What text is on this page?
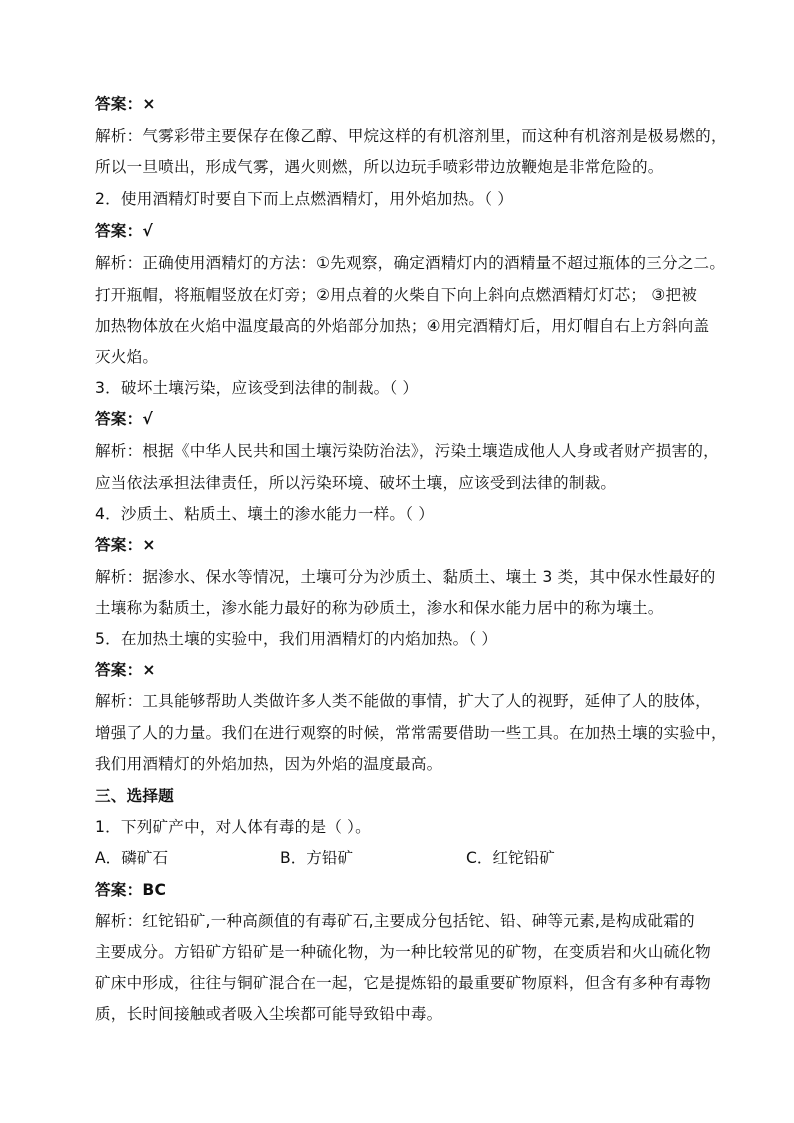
答案：×
解析：气雾彩带主要保存在像乙醇、甲烷这样的有机溶剂里，而这种有机溶剂是极易燃的，
所以一旦喷出，形成气雾，遇火则燃，所以边玩手喷彩带边放鞭炮是非常危险的。
2．使用酒精灯时要自下而上点燃酒精灯，用外焰加热。（ ）
答案：√
解析：正确使用酒精灯的方法：①先观察，确定酒精灯内的酒精量不超过瓶体的三分之二。
打开瓶帽，将瓶帽竖放在灯旁；②用点着的火柴自下向上斜向点燃酒精灯灯芯； ③把被
加热物体放在火焰中温度最高的外焰部分加热；④用完酒精灯后，用灯帽自右上方斜向盖
灭火焰。
3．破坏土壤污染，应该受到法律的制裁。（ ）
答案：√
解析：根据《中华人民共和国土壤污染防治法》，污染土壤造成他人人身或者财产损害的，
应当依法承担法律责任，所以污染环境、破坏土壤，应该受到法律的制裁。
4．沙质土、粘质土、壤土的渗水能力一样。（ ）
答案：×
解析：据渗水、保水等情况，土壤可分为沙质土、黏质土、壤土 3 类，其中保水性最好的
土壤称为黏质土，渗水能力最好的称为砂质土，渗水和保水能力居中的称为壤土。
5．在加热土壤的实验中，我们用酒精灯的内焰加热。（ ）
答案：×
解析：工具能够帮助人类做许多人类不能做的事情，扩大了人的视野，延伸了人的肢体，
增强了人的力量。我们在进行观察的时候，常常需要借助一些工具。在加热土壤的实验中，
我们用酒精灯的外焰加热，因为外焰的温度最高。
三、选择题
1．下列矿产中，对人体有毒的是（ ）。
A．磷矿石	B．方铅矿	C．红铊铅矿
答案：BC
解析：红铊铅矿,一种高颜值的有毒矿石,主要成分包括铊、铅、砷等元素,是构成砒霜的
主要成分。方铅矿方铅矿是一种硫化物，为一种比较常见的矿物，在变质岩和火山硫化物
矿床中形成，往往与铜矿混合在一起，它是提炼铅的最重要矿物原料，但含有多种有毒物
质，长时间接触或者吸入尘埃都可能导致铅中毒。
